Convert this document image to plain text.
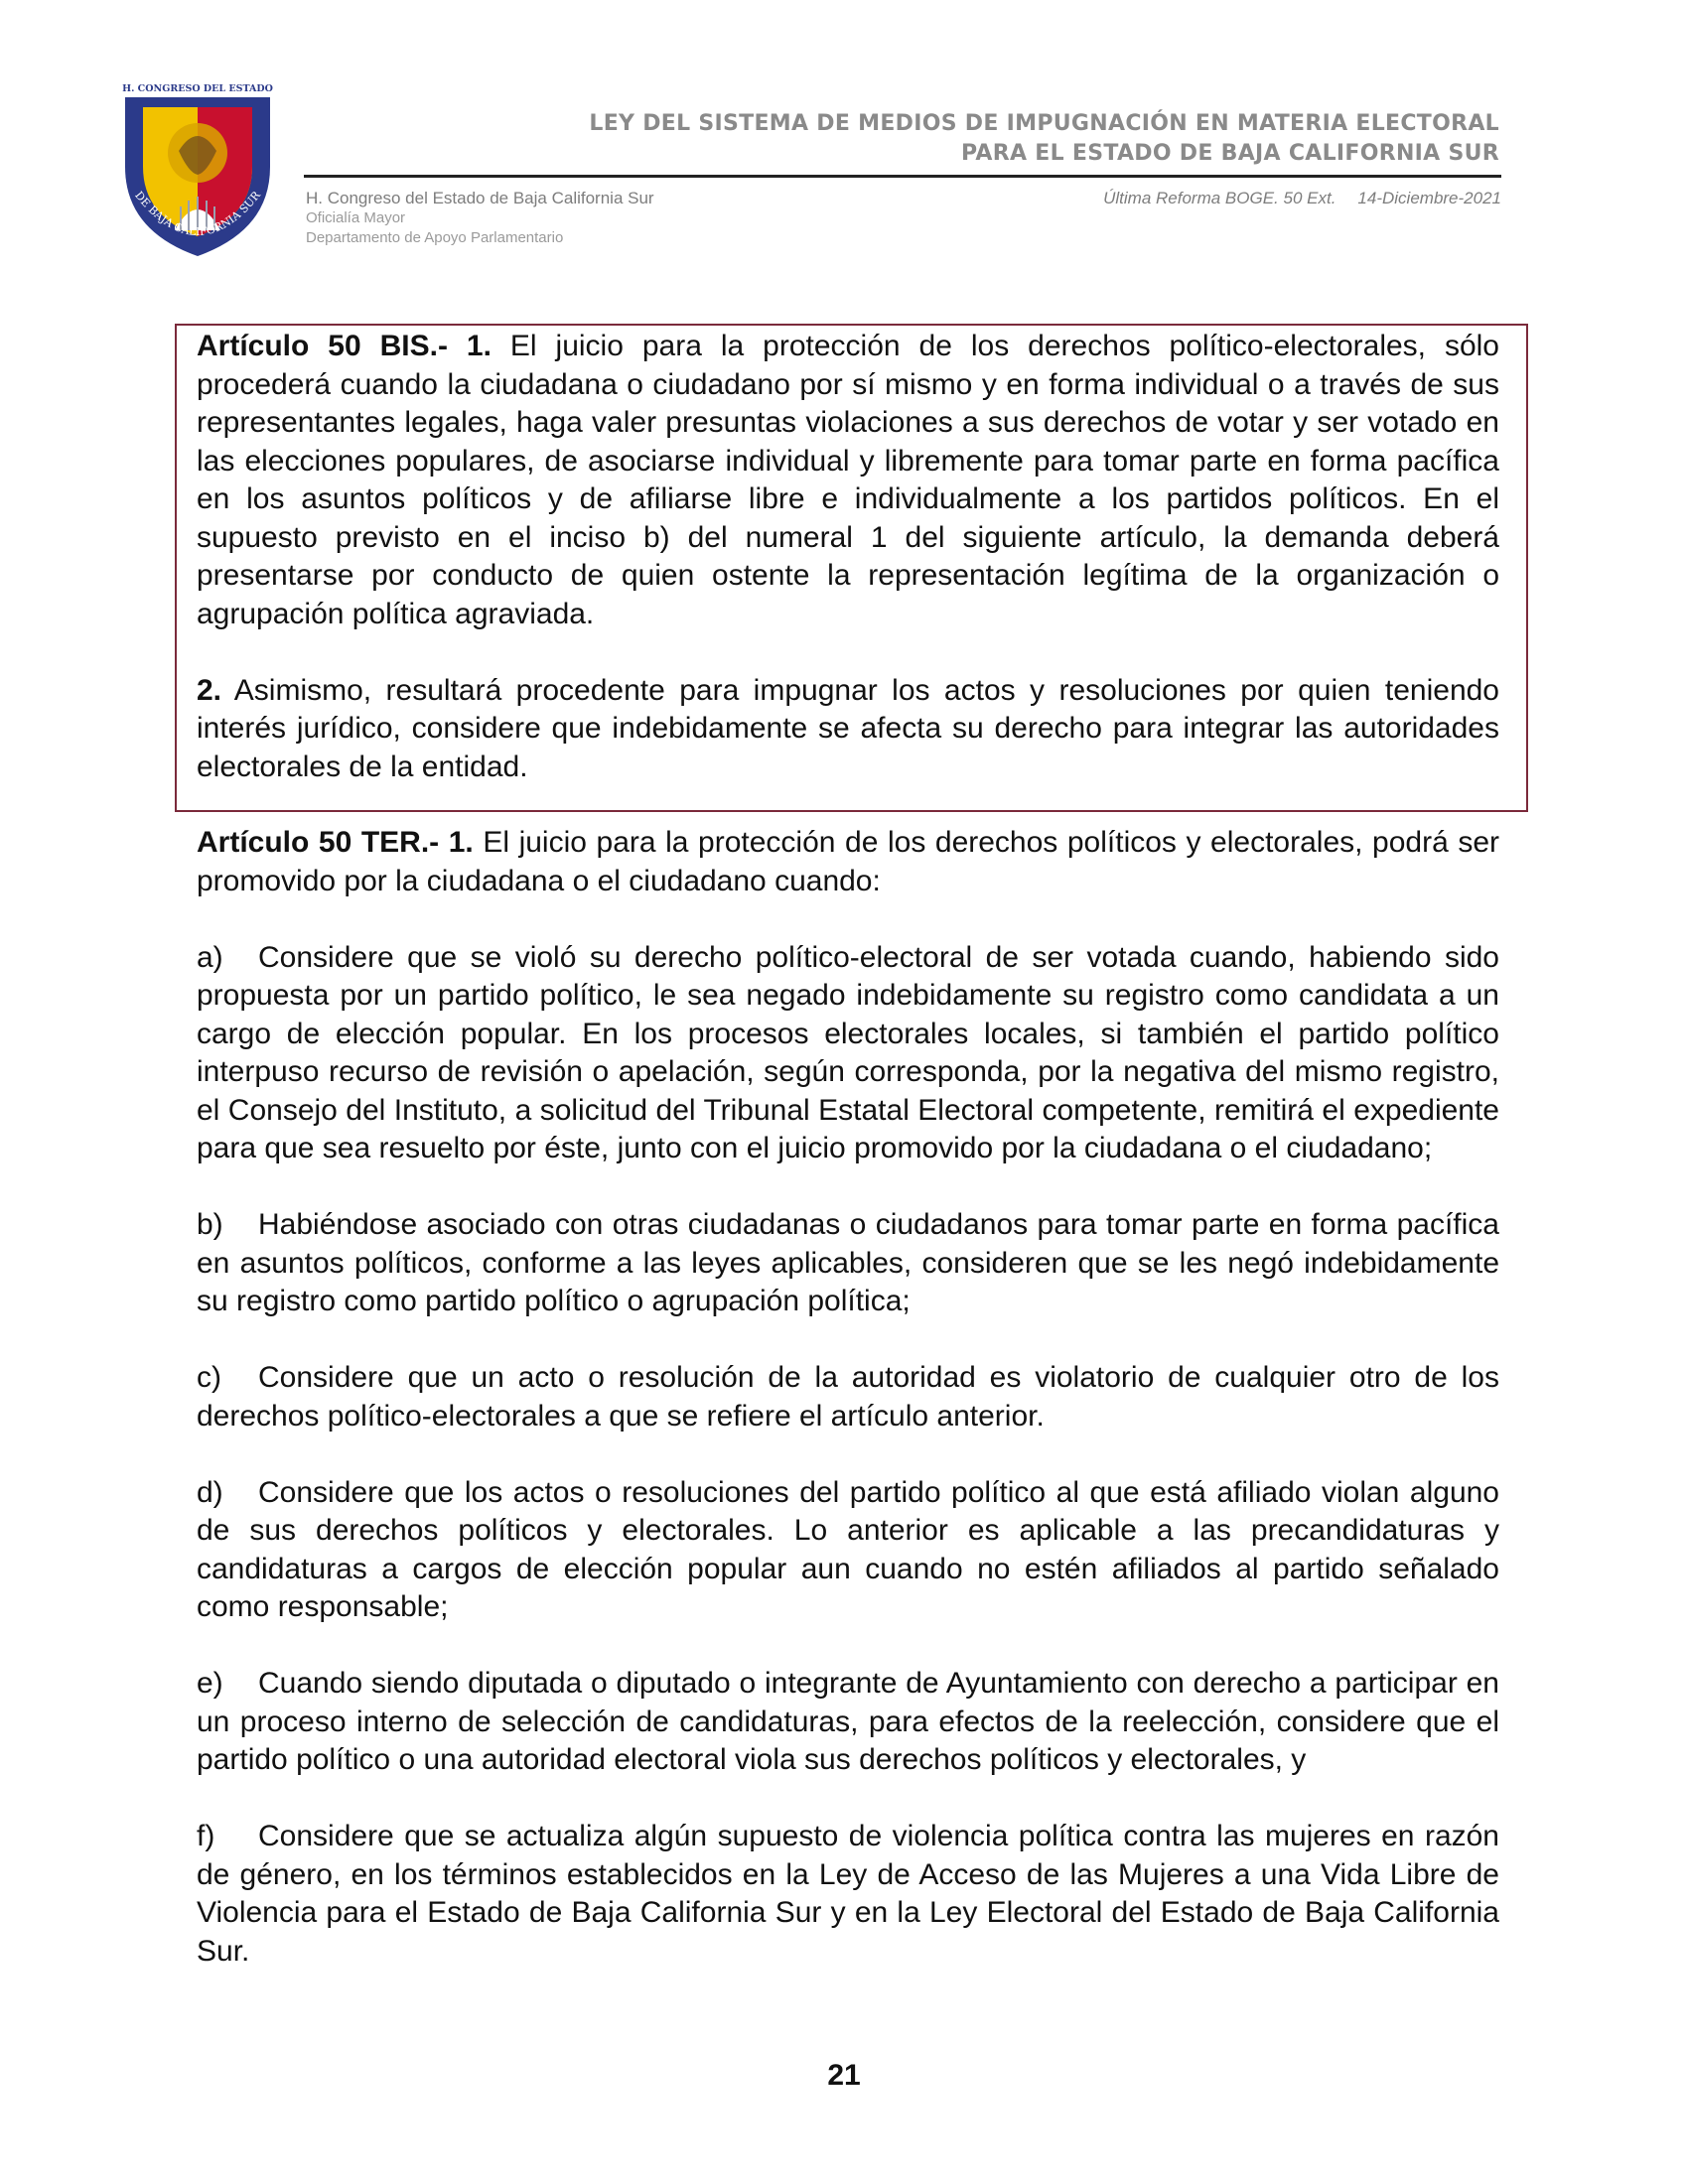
H. CONGRESO DEL ESTADO
DE BAJA CALIFORNIA SUR
LEY DEL SISTEMA DE MEDIOS DE IMPUGNACIÓN EN MATERIA ELECTORAL
PARA EL ESTADO DE BAJA CALIFORNIA SUR
H. Congreso del Estado de Baja California Sur
Oficialía Mayor
Departamento de Apoyo Parlamentario
Última Reforma BOGE. 50 Ext. 14-Diciembre-2021

Artículo 50 BIS.- 1. El juicio para la protección de los derechos político-electorales, sólo procederá cuando la ciudadana o ciudadano por sí mismo y en forma individual o a través de sus representantes legales, haga valer presuntas violaciones a sus derechos de votar y ser votado en las elecciones populares, de asociarse individual y libremente para tomar parte en forma pacífica en los asuntos políticos y de afiliarse libre e individualmente a los partidos políticos. En el supuesto previsto en el inciso b) del numeral 1 del siguiente artículo, la demanda deberá presentarse por conducto de quien ostente la representación legítima de la organización o agrupación política agraviada.

2. Asimismo, resultará procedente para impugnar los actos y resoluciones por quien teniendo interés jurídico, considere que indebidamente se afecta su derecho para integrar las autoridades electorales de la entidad.

Artículo 50 TER.- 1. El juicio para la protección de los derechos políticos y electorales, podrá ser promovido por la ciudadana o el ciudadano cuando:

a) Considere que se violó su derecho político-electoral de ser votada cuando, habiendo sido propuesta por un partido político, le sea negado indebidamente su registro como candidata a un cargo de elección popular. En los procesos electorales locales, si también el partido político interpuso recurso de revisión o apelación, según corresponda, por la negativa del mismo registro, el Consejo del Instituto, a solicitud del Tribunal Estatal Electoral competente, remitirá el expediente para que sea resuelto por éste, junto con el juicio promovido por la ciudadana o el ciudadano;

b) Habiéndose asociado con otras ciudadanas o ciudadanos para tomar parte en forma pacífica en asuntos políticos, conforme a las leyes aplicables, consideren que se les negó indebidamente su registro como partido político o agrupación política;

c) Considere que un acto o resolución de la autoridad es violatorio de cualquier otro de los derechos político-electorales a que se refiere el artículo anterior.

d) Considere que los actos o resoluciones del partido político al que está afiliado violan alguno de sus derechos políticos y electorales. Lo anterior es aplicable a las precandidaturas y candidaturas a cargos de elección popular aun cuando no estén afiliados al partido señalado como responsable;

e) Cuando siendo diputada o diputado o integrante de Ayuntamiento con derecho a participar en un proceso interno de selección de candidaturas, para efectos de la reelección, considere que el partido político o una autoridad electoral viola sus derechos políticos y electorales, y

f) Considere que se actualiza algún supuesto de violencia política contra las mujeres en razón de género, en los términos establecidos en la Ley de Acceso de las Mujeres a una Vida Libre de Violencia para el Estado de Baja California Sur y en la Ley Electoral del Estado de Baja California Sur.

21
